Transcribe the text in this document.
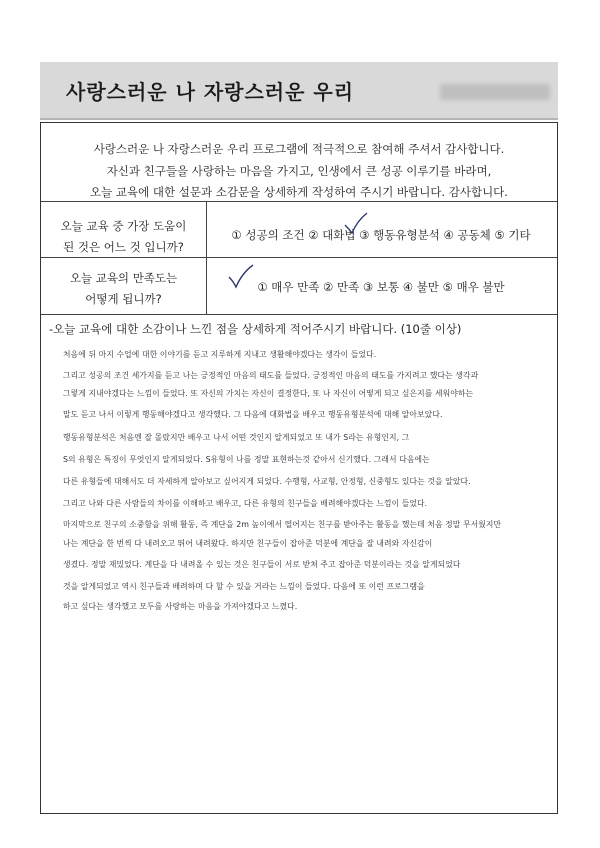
사랑스러운 나 자랑스러운 우리
사랑스러운 나 자랑스러운 우리 프로그램에 적극적으로 참여해 주셔서 감사합니다.
자신과 친구들을 사랑하는 마음을 가지고, 인생에서 큰 성공 이루기를 바라며,
오늘 교육에 대한 설문과 소감문을 상세하게 작성하여 주시기 바랍니다. 감사합니다.
오늘 교육 중 가장 도움이
된 것은 어느 것 입니까?
① 성공의 조건 ② 대화법 ③ 행동유형분석 ④ 공동체 ⑤ 기타
오늘 교육의 만족도는
어떻게 됩니까?
① 매우 만족 ② 만족 ③ 보통 ④ 불만 ⑤ 매우 불만
-오늘 교육에 대한 소감이나 느낀 점을 상세하게 적어주시기 바랍니다. (10줄 이상)
처음에 뒤 마지 수업에 대한 이야기를 듣고 지루하게 지내고 생활해야겠다는 생각이 들었다.
그리고 성공의 조건 세가지를 듣고 나는 긍정적인 마음의 태도를 들었다. 긍정적인 마음의 태도를 가지려고 했다는 생각과
그렇게 지내야겠다는 느낌이 들었다. 또 자신의 가치는 자신이 결정한다, 또 나 자신이 어떻게 되고 싶은지를 세워야하는
말도 듣고 나서 이렇게 행동해야겠다고 생각했다. 그 다음에 대화법을 배우고 행동유형분석에 대해 알아보았다.
행동유형분석은 처음엔 잘 몰랐지만 배우고 나서 어떤 것인지 알게되었고 또 내가 S라는 유형인지, 그
S의 유형은 특징이 무엇인지 알게되었다. S유형이 나를 정말 표현하는것 같아서 신기했다. 그래서 다음에는
다른 유형들에 대해서도 더 자세하게 알아보고 싶어지게 되었다. 수행형, 사교형, 안정형, 신중형도 있다는 것을 알았다.
그리고 나와 다른 사람들의 차이를 이해하고 배우고, 다른 유형의 친구들을 배려해야겠다는 느낌이 들었다.
마지막으로 친구의 소중함을 위해 활동, 즉 계단을 2m 높이에서 떨어지는 친구를 받아주는 활동을 했는데 처음 정말 무서웠지만
나는 계단을 한 번씩 다 내려오고 뛰어 내려왔다. 하지만 친구들이 잡아준 덕분에 계단을 잘 내려와 자신감이
생겼다. 정말 재밌었다. 계단을 다 내려올 수 있는 것은 친구들이 서로 받쳐 주고 잡아준 덕분이라는 것을 알게되었다
것을 알게되었고 역시 친구들과 배려하며 다 할 수 있을 거라는 느낌이 들었다. 다음에 또 이런 프로그램을
하고 싶다는 생각했고 모두를 사랑하는 마음을 가져야겠다고 느꼈다.
